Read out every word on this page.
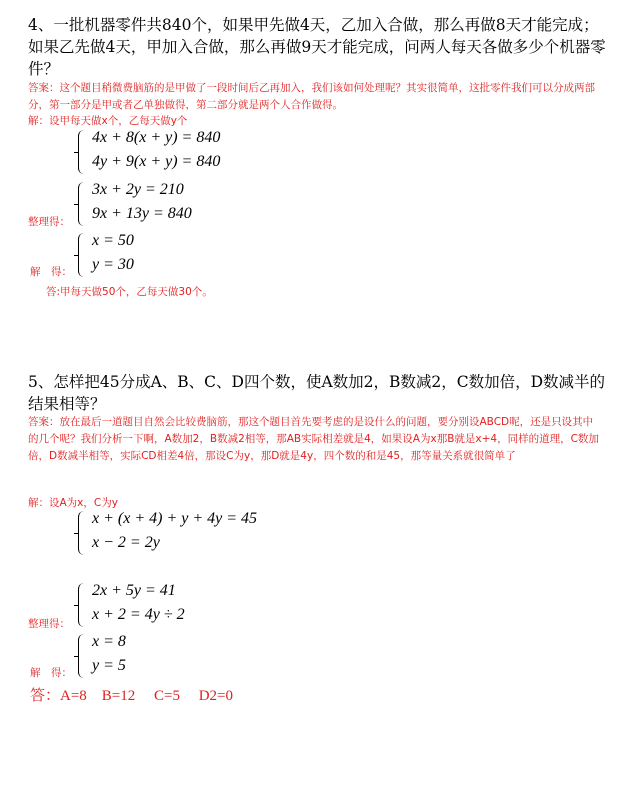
4、一批机器零件共840个，如果甲先做4天，乙加入合做，那么再做8天才能完成；如果乙先做4天，甲加入合做，那么再做9天才能完成，问两人每天各做多少个机器零件？
答案：这个题目稍微费脑筋的是甲做了一段时间后乙再加入，我们该如何处理呢？其实很简单，这批零件我们可以分成两部分，第一部分是甲或者乙单独做得，第二部分就是两个人合作做得。
解：设甲每天做x个，乙每天做y个
4x + 8(x + y) = 840
4y + 9(x + y) = 840
3x + 2y = 210
9x + 13y = 840
整理得：
x = 50
y = 30
解　得：
答:甲每天做50个，乙每天做30个。
5、怎样把45分成A、B、C、D四个数，使A数加2，B数减2，C数加倍，D数减半的结果相等？
答案：放在最后一道题目自然会比较费脑筋，那这个题目首先要考虑的是设什么的问题，要分别设ABCD呢，还是只设其中的几个呢？我们分析一下啊，A数加2，B数减2相等，那AB实际相差就是4，如果设A为x那B就是x+4，同样的道理，C数加倍，D数减半相等，实际CD相差4倍，那设C为y，那D就是4y，四个数的和是45，那等量关系就很简单了
解：设A为x，C为y
x + (x + 4) + y + 4y = 45
x − 2 = 2y
2x + 5y = 41
x + 2 = 4y ÷ 2
整理得：
x = 8
y = 5
解　得：
答：A=8　B=12　 C=5　 D2=0
